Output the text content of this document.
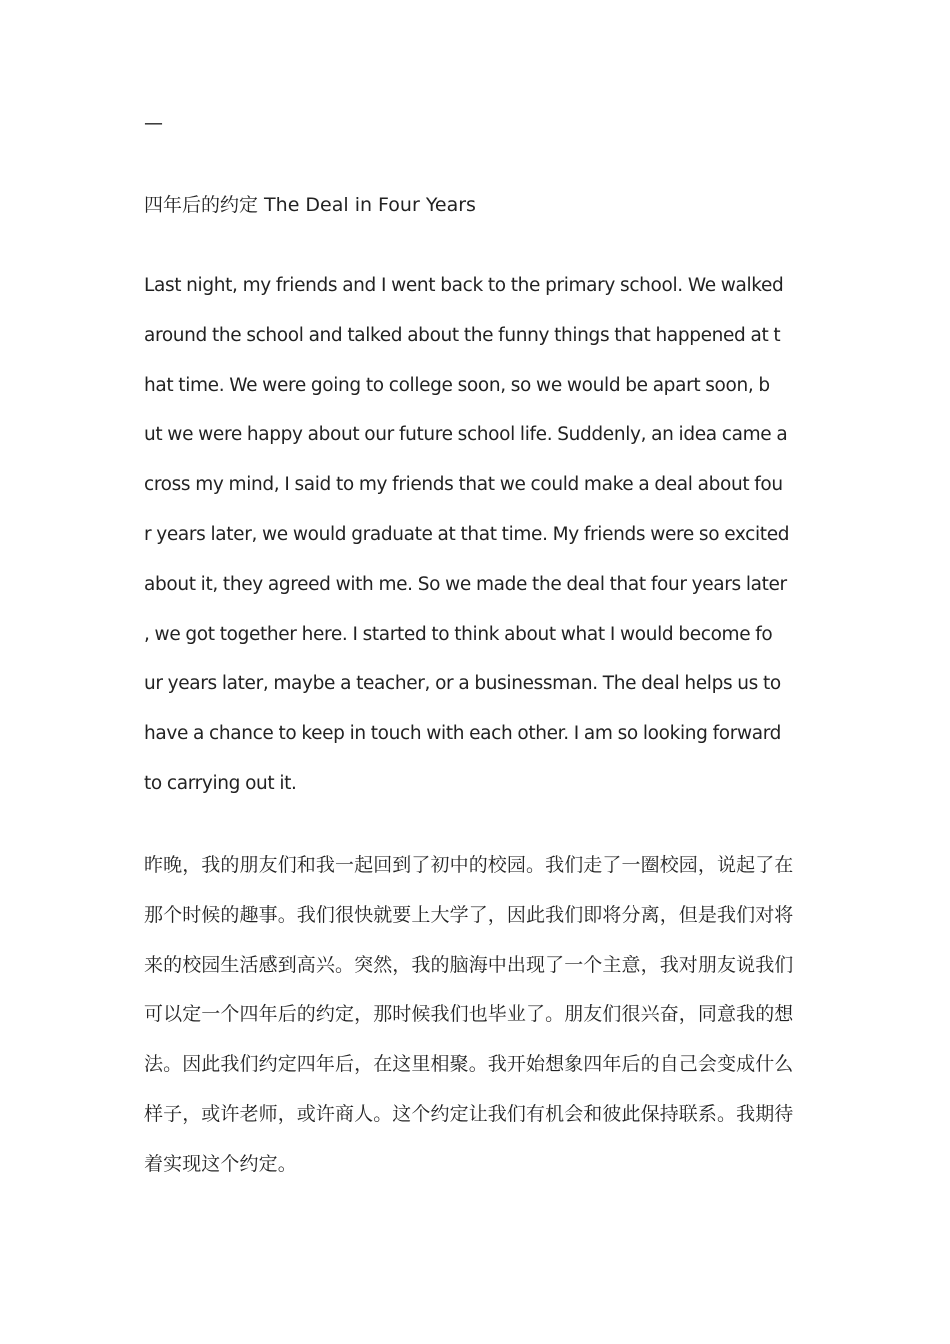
—

四年后的约定 The Deal in Four Years
Last night, my friends and I went back to the primary school. We walked
around the school and talked about the funny things that happened at t
hat time. We were going to college soon, so we would be apart soon, b
ut we were happy about our future school life. Suddenly, an idea came a
cross my mind, I said to my friends that we could make a deal about fou
r years later, we would graduate at that time. My friends were so excited
about it, they agreed with me. So we made the deal that four years later
, we got together here. I started to think about what I would become fo
ur years later, maybe a teacher, or a businessman. The deal helps us to
have a chance to keep in touch with each other. I am so looking forward
to carrying out it.
昨晚，我的朋友们和我一起回到了初中的校园。我们走了一圈校园，说起了在
那个时候的趣事。我们很快就要上大学了，因此我们即将分离，但是我们对将
来的校园生活感到高兴。突然，我的脑海中出现了一个主意，我对朋友说我们
可以定一个四年后的约定，那时候我们也毕业了。朋友们很兴奋，同意我的想
法。因此我们约定四年后，在这里相聚。我开始想象四年后的自己会变成什么
样子，或许老师，或许商人。这个约定让我们有机会和彼此保持联系。我期待
着实现这个约定。
